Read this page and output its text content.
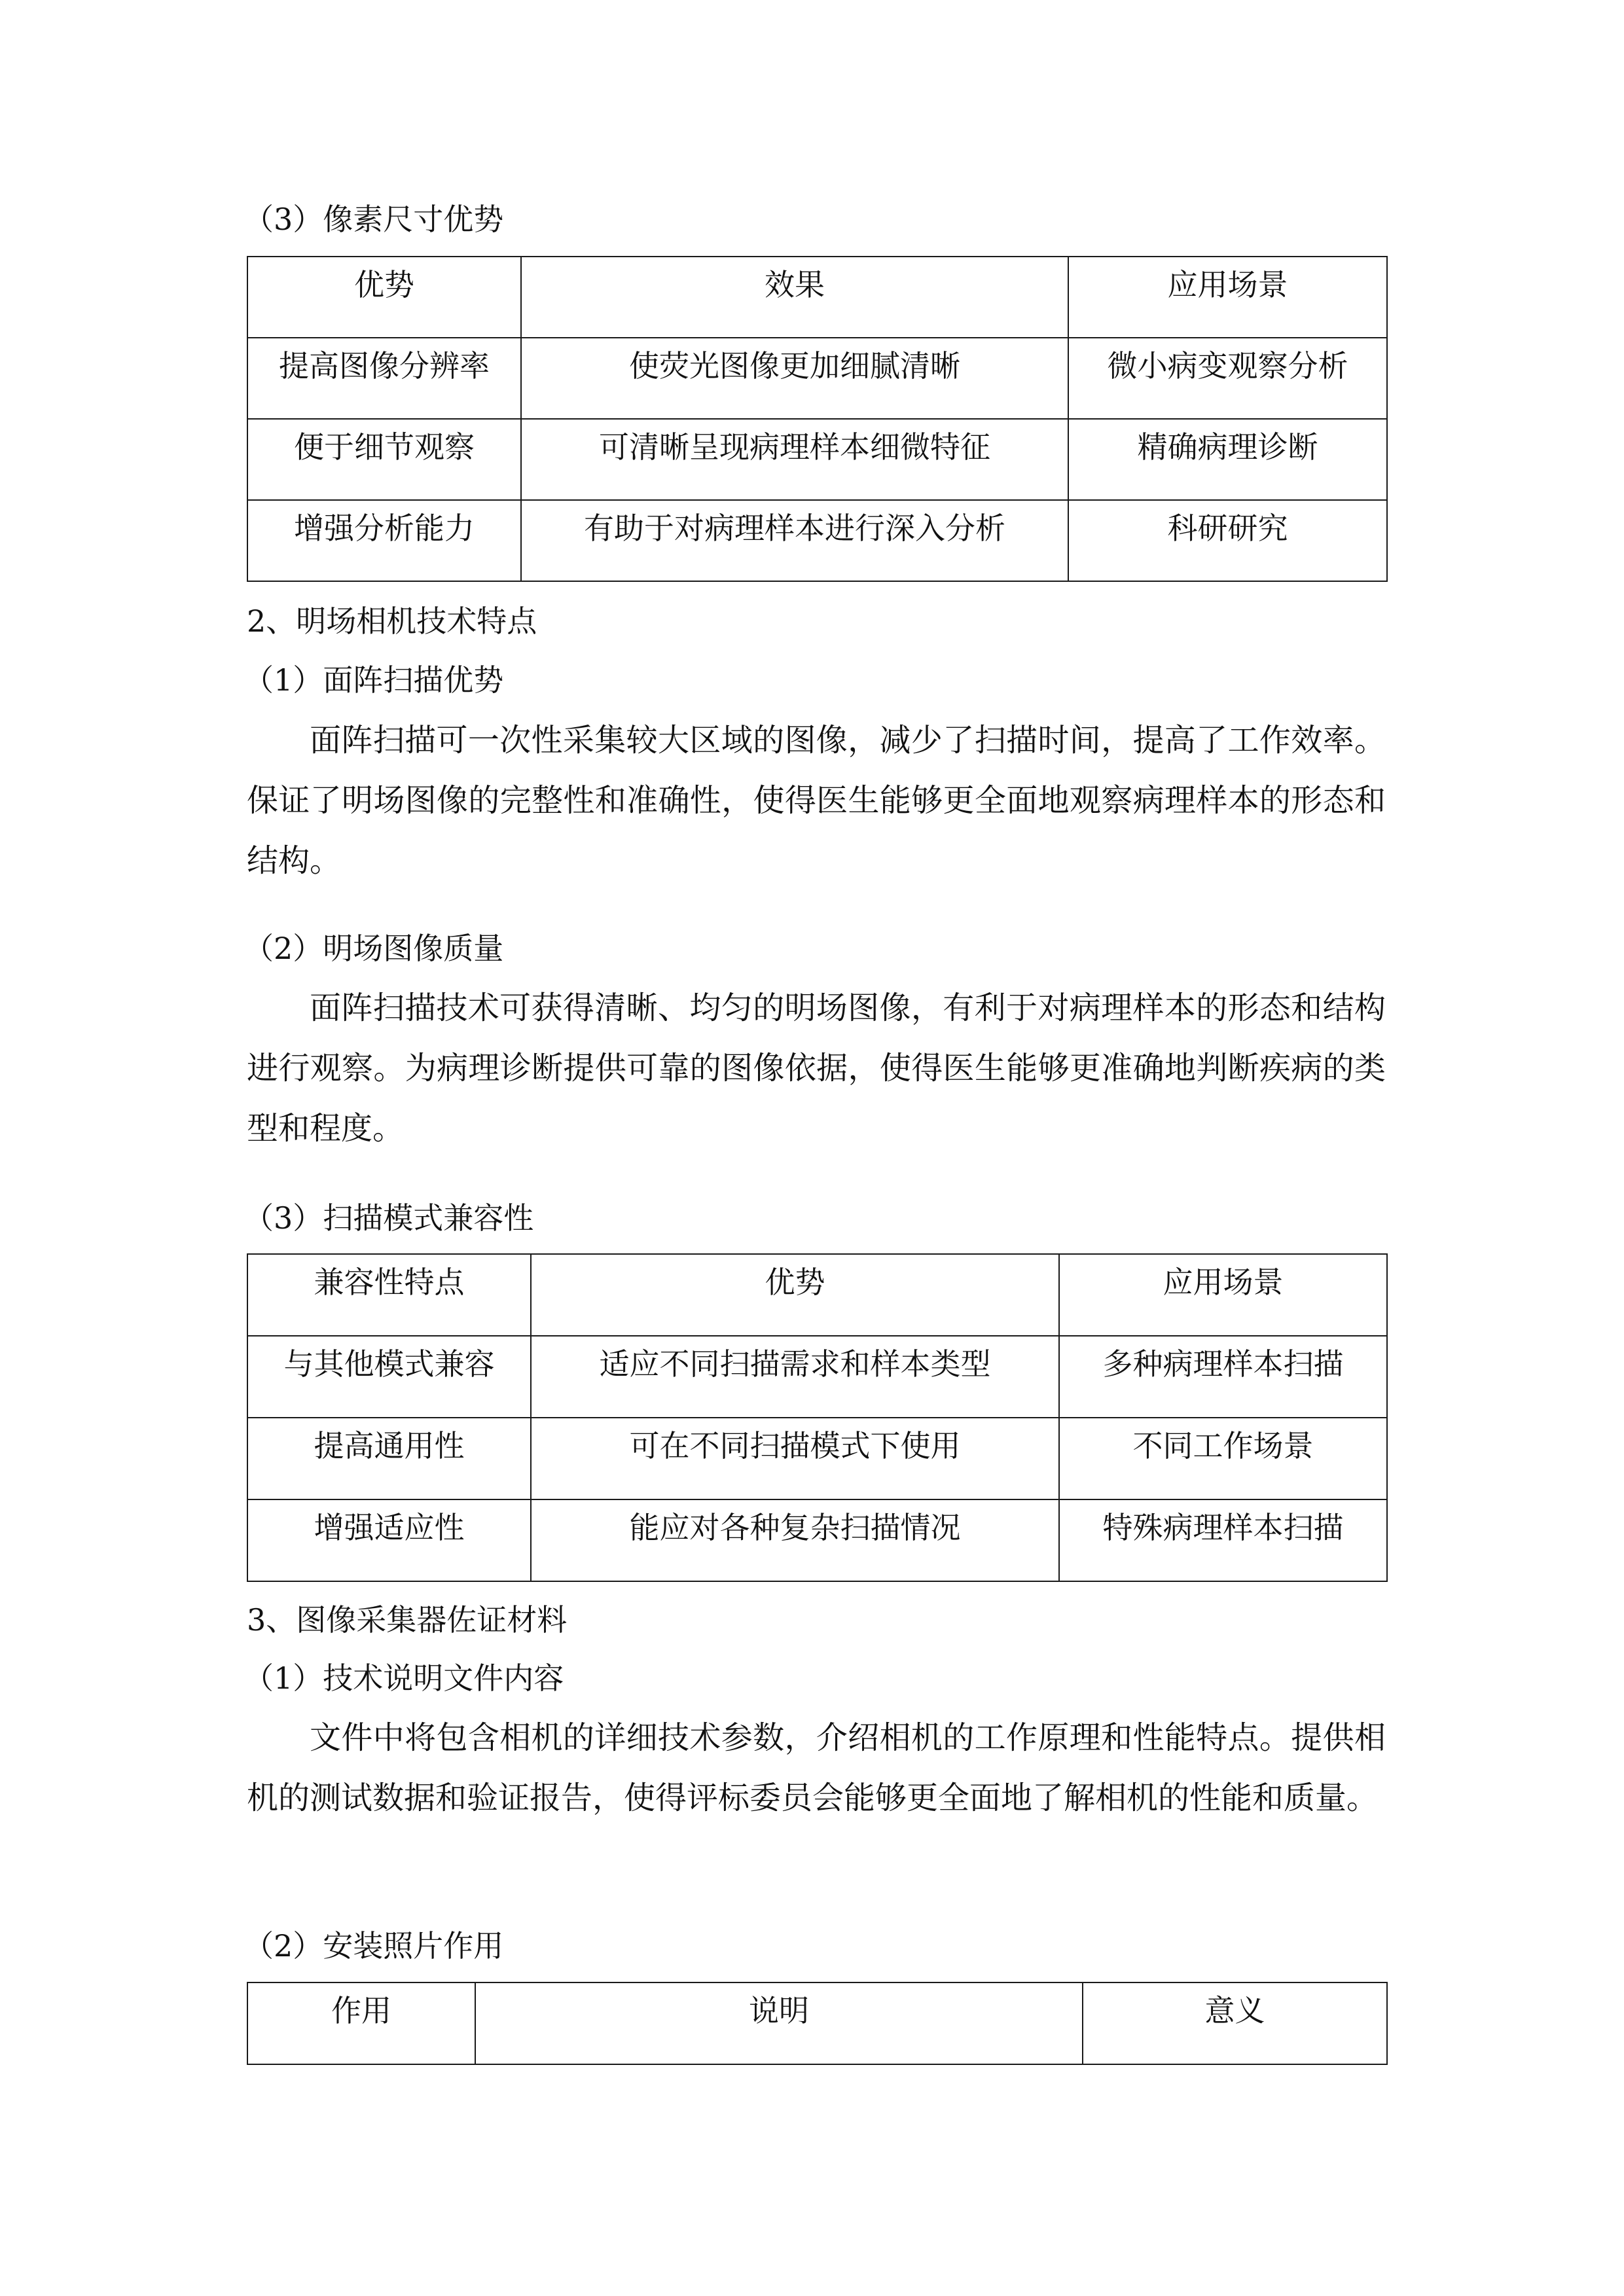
（3）像素尺寸优势
优势	效果	应用场景
提高图像分辨率	使荧光图像更加细腻清晰	微小病变观察分析
便于细节观察	可清晰呈现病理样本细微特征	精确病理诊断
增强分析能力	有助于对病理样本进行深入分析	科研研究
2、明场相机技术特点
（1）面阵扫描优势
面阵扫描可一次性采集较大区域的图像，减少了扫描时间，提高了工作效率。保证了明场图像的完整性和准确性，使得医生能够更全面地观察病理样本的形态和结构。
（2）明场图像质量
面阵扫描技术可获得清晰、均匀的明场图像，有利于对病理样本的形态和结构进行观察。为病理诊断提供可靠的图像依据，使得医生能够更准确地判断疾病的类型和程度。
（3）扫描模式兼容性
兼容性特点	优势	应用场景
与其他模式兼容	适应不同扫描需求和样本类型	多种病理样本扫描
提高通用性	可在不同扫描模式下使用	不同工作场景
增强适应性	能应对各种复杂扫描情况	特殊病理样本扫描
3、图像采集器佐证材料
（1）技术说明文件内容
文件中将包含相机的详细技术参数，介绍相机的工作原理和性能特点。提供相机的测试数据和验证报告，使得评标委员会能够更全面地了解相机的性能和质量。
（2）安装照片作用
作用	说明	意义
